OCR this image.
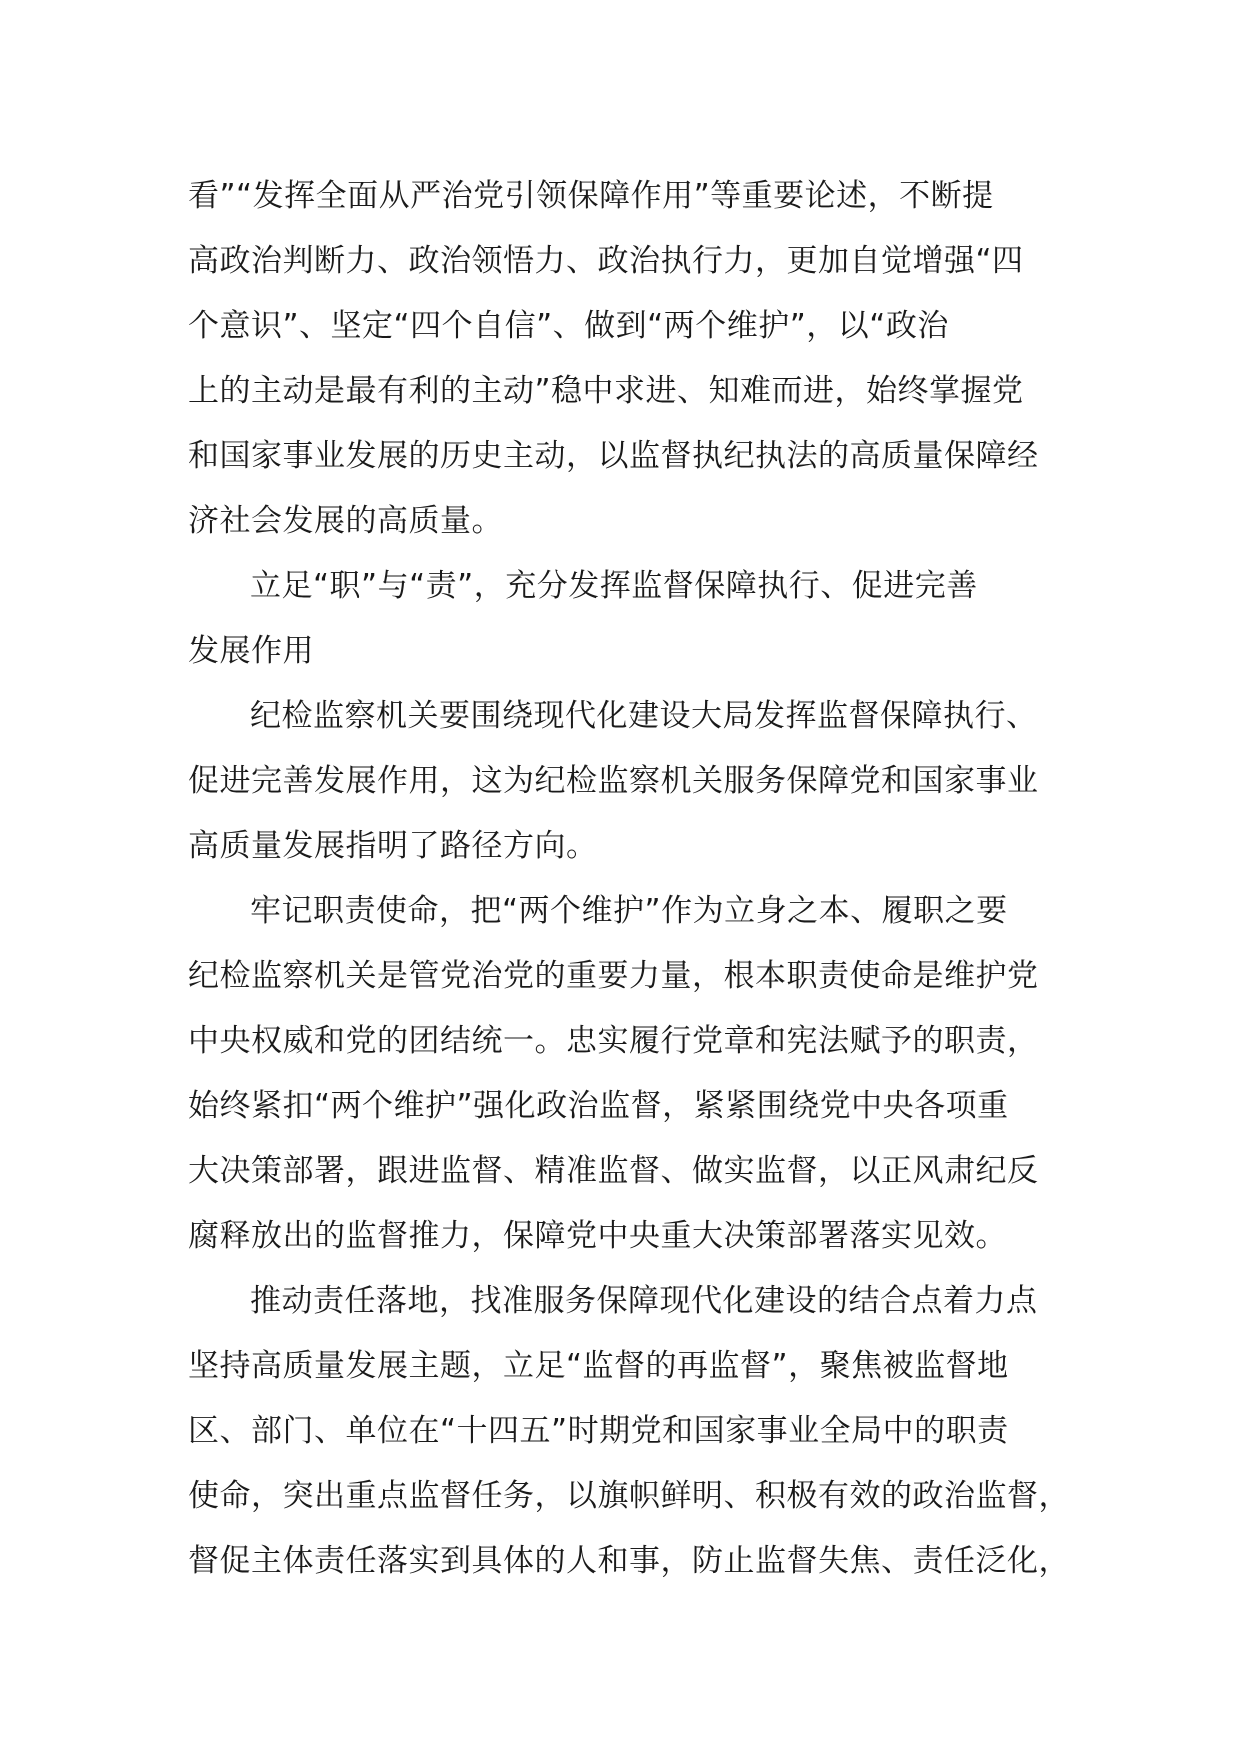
看”“发挥全面从严治党引领保障作用”等重要论述，不断提
高政治判断力、政治领悟力、政治执行力，更加自觉增强“四
个意识”、坚定“四个自信”、做到“两个维护”，以“政治
上的主动是最有利的主动”稳中求进、知难而进，始终掌握党
和国家事业发展的历史主动，以监督执纪执法的高质量保障经
济社会发展的高质量。
立足“职”与“责”，充分发挥监督保障执行、促进完善
发展作用
纪检监察机关要围绕现代化建设大局发挥监督保障执行、
促进完善发展作用，这为纪检监察机关服务保障党和国家事业
高质量发展指明了路径方向。
牢记职责使命，把“两个维护”作为立身之本、履职之要
纪检监察机关是管党治党的重要力量，根本职责使命是维护党
中央权威和党的团结统一。忠实履行党章和宪法赋予的职责，
始终紧扣“两个维护”强化政治监督，紧紧围绕党中央各项重
大决策部署，跟进监督、精准监督、做实监督，以正风肃纪反
腐释放出的监督推力，保障党中央重大决策部署落实见效。
推动责任落地，找准服务保障现代化建设的结合点着力点
坚持高质量发展主题，立足“监督的再监督”，聚焦被监督地
区、部门、单位在“十四五”时期党和国家事业全局中的职责
使命，突出重点监督任务，以旗帜鲜明、积极有效的政治监督，
督促主体责任落实到具体的人和事，防止监督失焦、责任泛化，
